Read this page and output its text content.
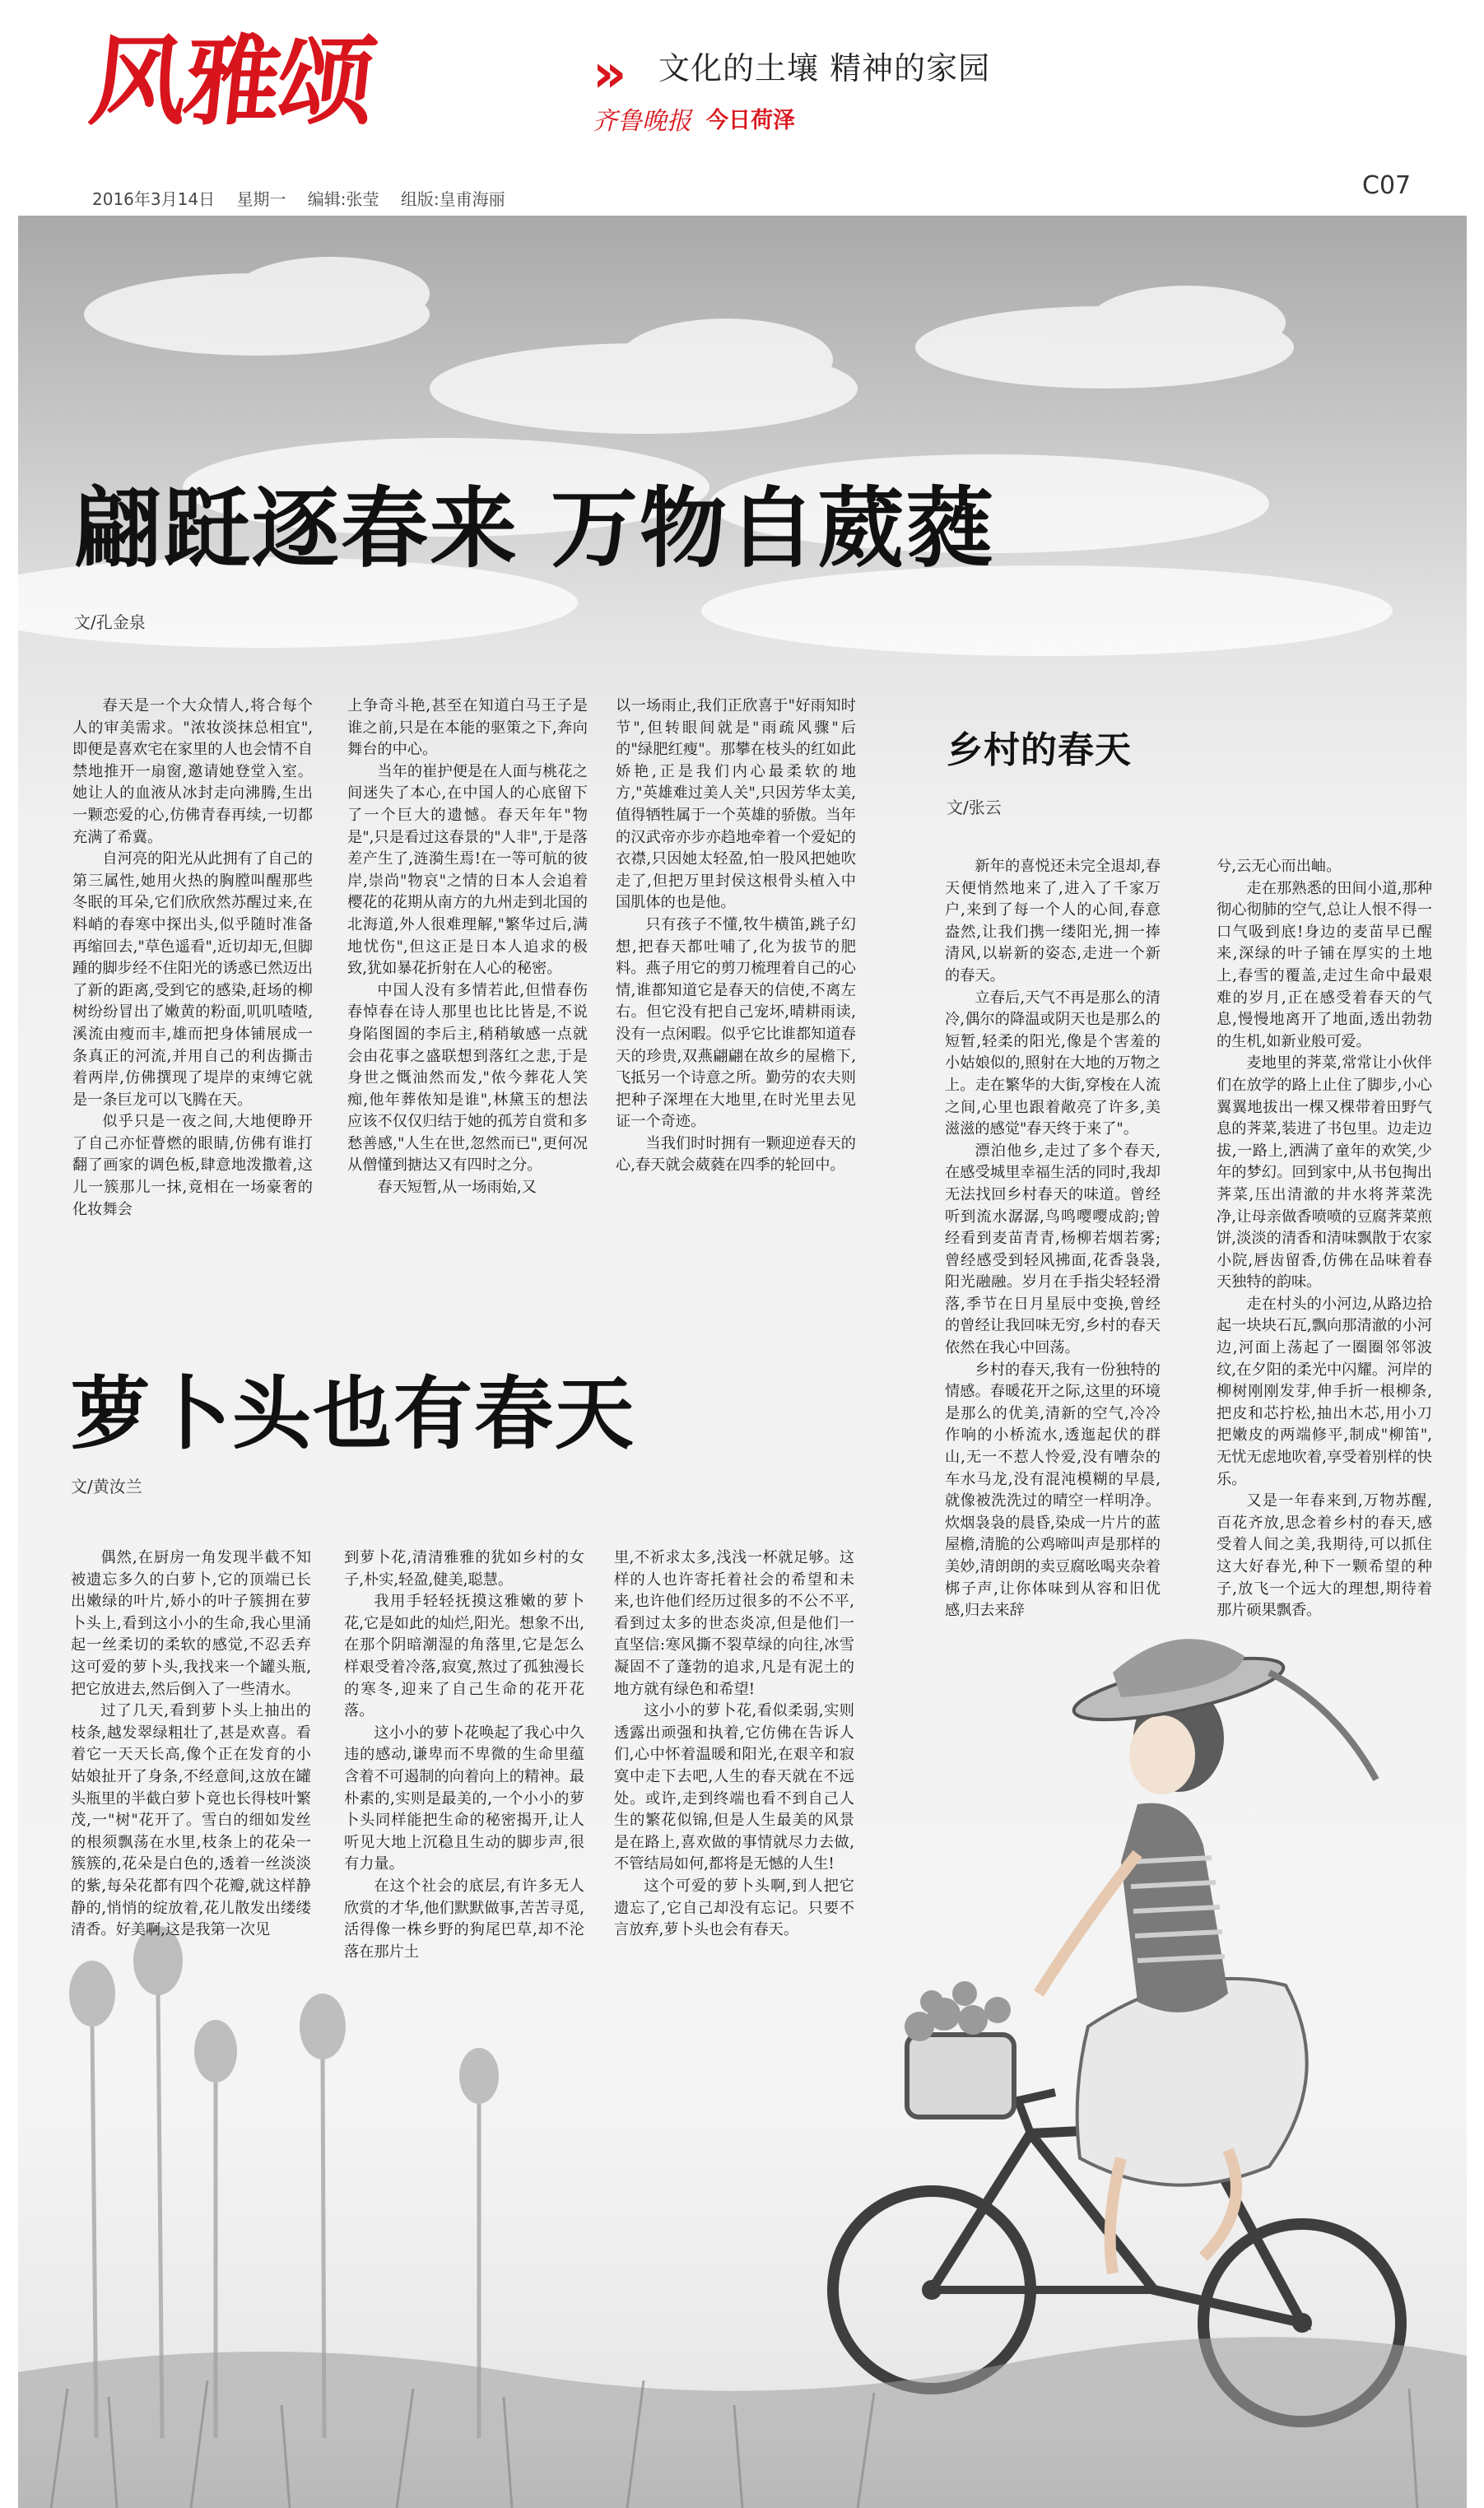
风雅颂	» 文化的土壤 精神的家园
齐鲁晚报 今日荷泽
2016年3月14日 星期一 编辑:张莹 组版:皇甫海丽	C07
翩跹逐春来 万物自葳蕤
文/孔金泉

春天是一个大众情人,将合每个人的审美需求。"浓妆淡抹总相宜",即便是喜欢宅在家里的人也会情不自禁地推开一扇窗,邀请她登堂入室。她让人的血液从冰封走向沸腾,生出一颗恋爱的心,仿佛青春再续,一切都充满了希冀。

自河亮的阳光从此拥有了自己的第三属性,她用火热的胸膛叫醒那些冬眠的耳朵,它们欣欣然苏醒过来,在料峭的春寒中探出头,似乎随时准备再缩回去,"草色遥看",近切却无,但脚踵的脚步经不住阳光的诱惑已然迈出了新的距离,受到它的感染,赶场的柳树纷纷冒出了嫩黄的粉面,叽叽喳喳,溪流由瘦而丰,雄而把身体铺展成一条真正的河流,并用自己的利齿撕击着两岸,仿佛撰现了堤岸的束缚它就是一条巨龙可以飞腾在天。

似乎只是一夜之间,大地便睁开了自己亦怔瞢燃的眼睛,仿佛有谁打翻了画家的调色板,肆意地泼撒着,这儿一簇那儿一抹,竟相在一场豪奢的化妆舞会

上争奇斗艳,甚至在知道白马王子是谁之前,只是在本能的驱策之下,奔向舞台的中心。

当年的崔护便是在人面与桃花之间迷失了本心,在中国人的心底留下了一个巨大的遗憾。春天年年"物是",只是看过这春景的"人非",于是落差产生了,涟漪生焉!在一等可航的彼岸,崇尚"物哀"之情的日本人会追着樱花的花期从南方的九州走到北国的北海道,外人很难理解,"繁华过后,满地忧伤",但这正是日本人追求的极致,犹如暴花折射在人心的秘密。

中国人没有多情若此,但惜春伤春悼春在诗人那里也比比皆是,不说身陷图圄的李后主,稍稍敏感一点就会由花事之盛联想到落红之悲,于是身世之慨油然而发,"侬今葬花人笑痴,他年葬侬知是谁",林黛玉的想法应该不仅仅归结于她的孤芳自赏和多愁善感,"人生在世,忽然而已",更何况从僧懂到搪达又有四时之分。

春天短暂,从一场雨始,又

以一场雨止,我们正欣喜于"好雨知时节",但转眼间就是"雨疏风骤"后的"绿肥红瘦"。那攀在枝头的红如此娇艳,正是我们内心最柔软的地方,"英雄难过美人关",只因芳华太美,值得牺牲属于一个英雄的骄傲。当年的汉武帝亦步亦趋地牵着一个爱妃的衣襟,只因她太轻盈,怕一股风把她吹走了,但把万里封侯这根骨头植入中国肌体的也是他。

只有孩子不懂,牧牛横笛,跳子幻想,把春天都吐哺了,化为拔节的肥料。燕子用它的剪刀梳理着自己的心情,谁都知道它是春天的信使,不离左右。但它没有把自己宠坏,晴耕雨读,没有一点闲暇。似乎它比谁都知道春天的珍贵,双燕翩翩在故乡的屋檐下,飞抵另一个诗意之所。勤劳的农夫则把种子深埋在大地里,在时光里去见证一个奇迹。

当我们时时拥有一颗迎逆春天的心,春天就会葳蕤在四季的轮回中。

萝卜头也有春天
文/黄汝兰

偶然,在厨房一角发现半截不知被遗忘多久的白萝卜,它的顶端已长出嫩绿的叶片,娇小的叶子簇拥在萝卜头上,看到这小小的生命,我心里涌起一丝柔切的柔软的感觉,不忍丢弃这可爱的萝卜头,我找来一个罐头瓶,把它放进去,然后倒入了一些清水。

过了几天,看到萝卜头上抽出的枝条,越发翠绿粗壮了,甚是欢喜。看着它一天天长高,像个正在发育的小姑娘扯开了身条,不经意间,这放在罐头瓶里的半截白萝卜竟也长得枝叶繁茂,一"树"花开了。雪白的细如发丝的根须飘荡在水里,枝条上的花朵一簇簇的,花朵是白色的,透着一丝淡淡的紫,每朵花都有四个花瓣,就这样静静的,悄悄的绽放着,花儿散发出缕缕清香。好美啊,这是我第一次见

到萝卜花,清清雅雅的犹如乡村的女子,朴实,轻盈,健美,聪慧。

我用手轻轻抚摸这雅嫩的萝卜花,它是如此的灿烂,阳光。想象不出,在那个阴暗潮湿的角落里,它是怎么样艰受着冷落,寂寞,熬过了孤独漫长的寒冬,迎来了自己生命的花开花落。

这小小的萝卜花唤起了我心中久违的感动,谦卑而不卑微的生命里蕴含着不可遏制的向着向上的精神。最朴素的,实则是最美的,一个小小的萝卜头同样能把生命的秘密揭开,让人听见大地上沉稳且生动的脚步声,很有力量。

在这个社会的底层,有许多无人欣赏的才华,他们默默做事,苦苦寻觅,活得像一株乡野的狗尾巴草,却不沦落在那片土

里,不祈求太多,浅浅一杯就足够。这样的人也许寄托着社会的希望和未来,也许他们经历过很多的不公不平,看到过太多的世态炎凉,但是他们一直坚信:寒风撕不裂草绿的向往,冰雪凝固不了蓬勃的追求,凡是有泥土的地方就有绿色和希望!

这小小的萝卜花,看似柔弱,实则透露出顽强和执着,它仿佛在告诉人们,心中怀着温暖和阳光,在艰辛和寂寞中走下去吧,人生的春天就在不远处。或许,走到终端也看不到自己人生的繁花似锦,但是人生最美的风景是在路上,喜欢做的事情就尽力去做,不管结局如何,都将是无憾的人生!

这个可爱的萝卜头啊,到人把它遗忘了,它自己却没有忘记。只要不言放弃,萝卜头也会有春天。

乡村的春天
文/张云

新年的喜悦还未完全退却,春天便悄然地来了,进入了千家万户,来到了每一个人的心间,春意盎然,让我们携一缕阳光,拥一捧清风,以崭新的姿态,走进一个新的春天。

立春后,天气不再是那么的清冷,偶尔的降温或阴天也是那么的短暂,轻柔的阳光,像是个害羞的小姑娘似的,照射在大地的万物之上。走在繁华的大街,穿梭在人流之间,心里也跟着敞亮了许多,美滋滋的感觉"春天终于来了"。

漂泊他乡,走过了多个春天,在感受城里幸福生活的同时,我却无法找回乡村春天的味道。曾经听到流水潺潺,鸟鸣嘤嘤成韵;曾经看到麦苗青青,杨柳若烟若雾;曾经感受到轻风拂面,花香袅袅,阳光融融。岁月在手指尖轻轻滑落,季节在日月星辰中变换,曾经的曾经让我回味无穷,乡村的春天依然在我心中回荡。

乡村的春天,我有一份独特的情感。春暖花开之际,这里的环境是那么的优美,清新的空气,冷冷作响的小桥流水,透迤起伏的群山,无一不惹人怜爱,没有嘈杂的车水马龙,没有混沌模糊的早晨,就像被洗洗过的晴空一样明净。炊烟袅袅的晨昏,染成一片片的蓝屋檐,清脆的公鸡啼叫声是那样的美妙,清朗朗的卖豆腐吆喝夹杂着梆子声,让你体味到从容和旧优感,归去来辞

兮,云无心而出岫。

走在那熟悉的田间小道,那种彻心彻肺的空气,总让人恨不得一口气吸到底!身边的麦苗早已醒来,深绿的叶子铺在厚实的土地上,春雪的覆盖,走过生命中最艰难的岁月,正在感受着春天的气息,慢慢地离开了地面,透出勃勃的生机,如新业般可爱。

麦地里的荠菜,常常让小伙伴们在放学的路上止住了脚步,小心翼翼地拔出一棵又棵带着田野气息的荠菜,装进了书包里。边走边拔,一路上,洒满了童年的欢笑,少年的梦幻。回到家中,从书包掏出荠菜,压出清澈的井水将荠菜洗净,让母亲做香喷喷的豆腐荠菜煎饼,淡淡的清香和清味飘散于农家小院,唇齿留香,仿佛在品味着春天独特的韵味。

走在村头的小河边,从路边拾起一块块石瓦,飘向那清澈的小河边,河面上荡起了一圈圈邻邻波纹,在夕阳的柔光中闪耀。河岸的柳树刚刚发芽,伸手折一根柳条,把皮和芯拧松,抽出木芯,用小刀把嫩皮的两端修平,制成"柳笛",无忧无虑地吹着,享受着别样的快乐。

又是一年春来到,万物苏醒,百花齐放,思念着乡村的春天,感受着人间之美,我期待,可以抓住这大好春光,种下一颗希望的种子,放飞一个远大的理想,期待着那片硕果飘香。
